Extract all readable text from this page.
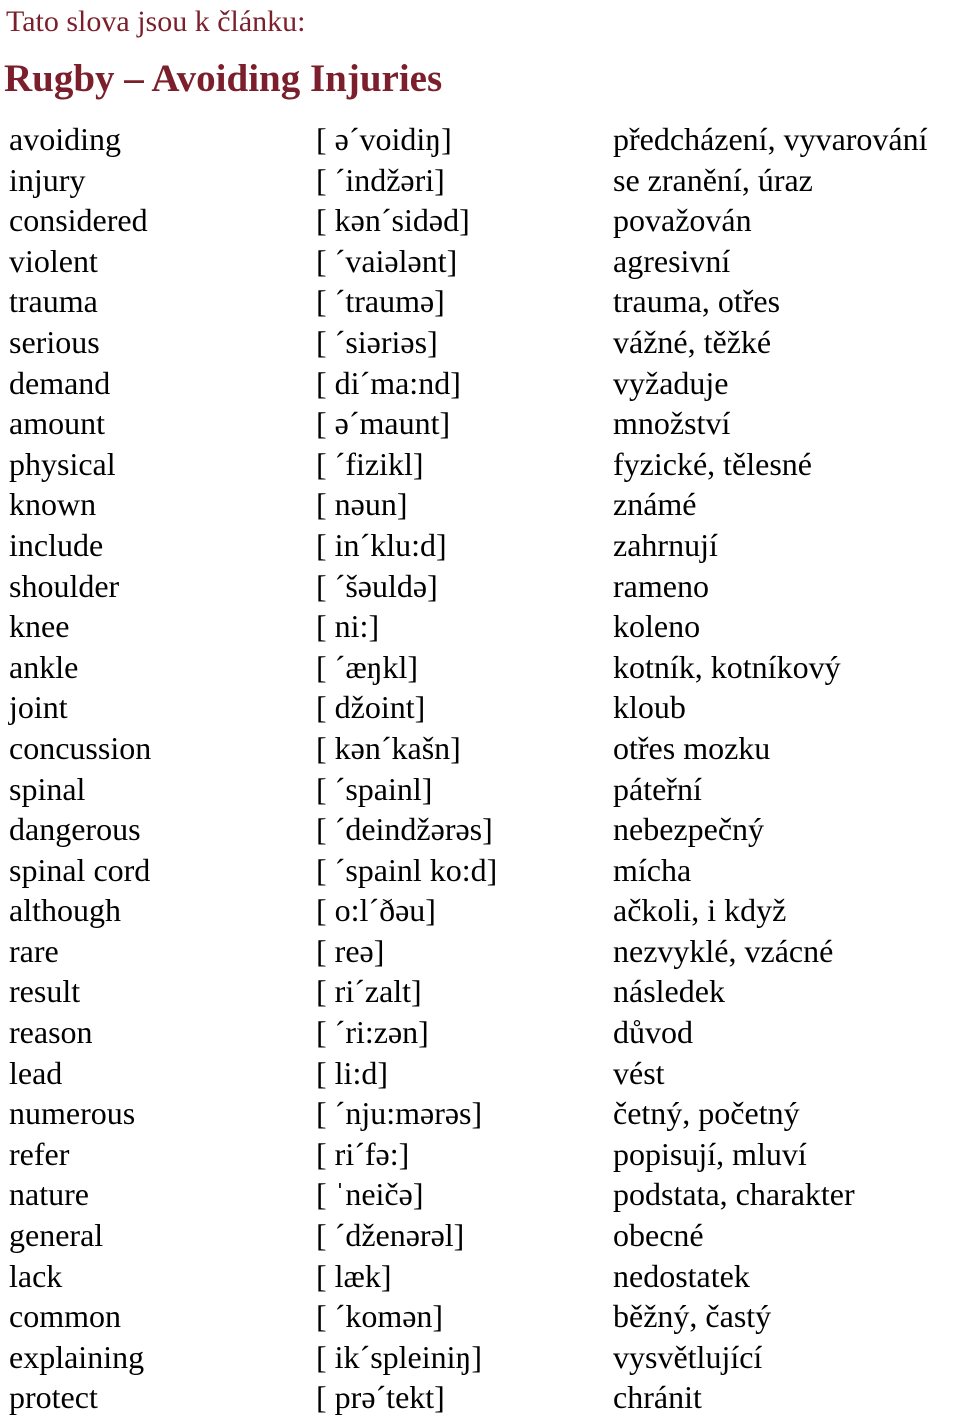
Tato slova jsou k článku:
Rugby – Avoiding Injuries
avoiding	[ ə´voidiŋ]	předcházení, vyvarování
injury	[ ´indžəri]	se zranění, úraz
considered	[ kən´sidəd]	považován
violent	[ ´vaiələnt]	agresivní
trauma	[ ´traumə]	trauma, otřes
serious	[ ´siəriəs]	vážné, těžké
demand	[ di´ma:nd]	vyžaduje
amount	[ ə´maunt]	množství
physical	[ ´fizikl]	fyzické, tělesné
known	[ nəun]	známé
include	[ in´klu:d]	zahrnují
shoulder	[ ´šəuldə]	rameno
knee	[ ni:]	koleno
ankle	[ ´æŋkl]	kotník, kotníkový
joint	[ džoint]	kloub
concussion	[ kən´kašn]	otřes mozku
spinal	[ ´spainl]	páteřní
dangerous	[ ´deindžərəs]	nebezpečný
spinal cord	[ ´spainl ko:d]	mícha
although	[ o:l´ðəu]	ačkoli, i když
rare	[ reə]	nezvyklé, vzácné
result	[ ri´zalt]	následek
reason	[ ´ri:zən]	důvod
lead	[ li:d]	vést
numerous	[ ´nju:mərəs]	četný, početný
refer	[ ri´fə:]	popisují, mluví
nature	[ ˈneičə]	podstata, charakter
general	[ ´dženərəl]	obecné
lack	[ læk]	nedostatek
common	[ ´komən]	běžný, častý
explaining	[ ik´spleiniŋ]	vysvětlující
protect	[ prə´tekt]	chránit
